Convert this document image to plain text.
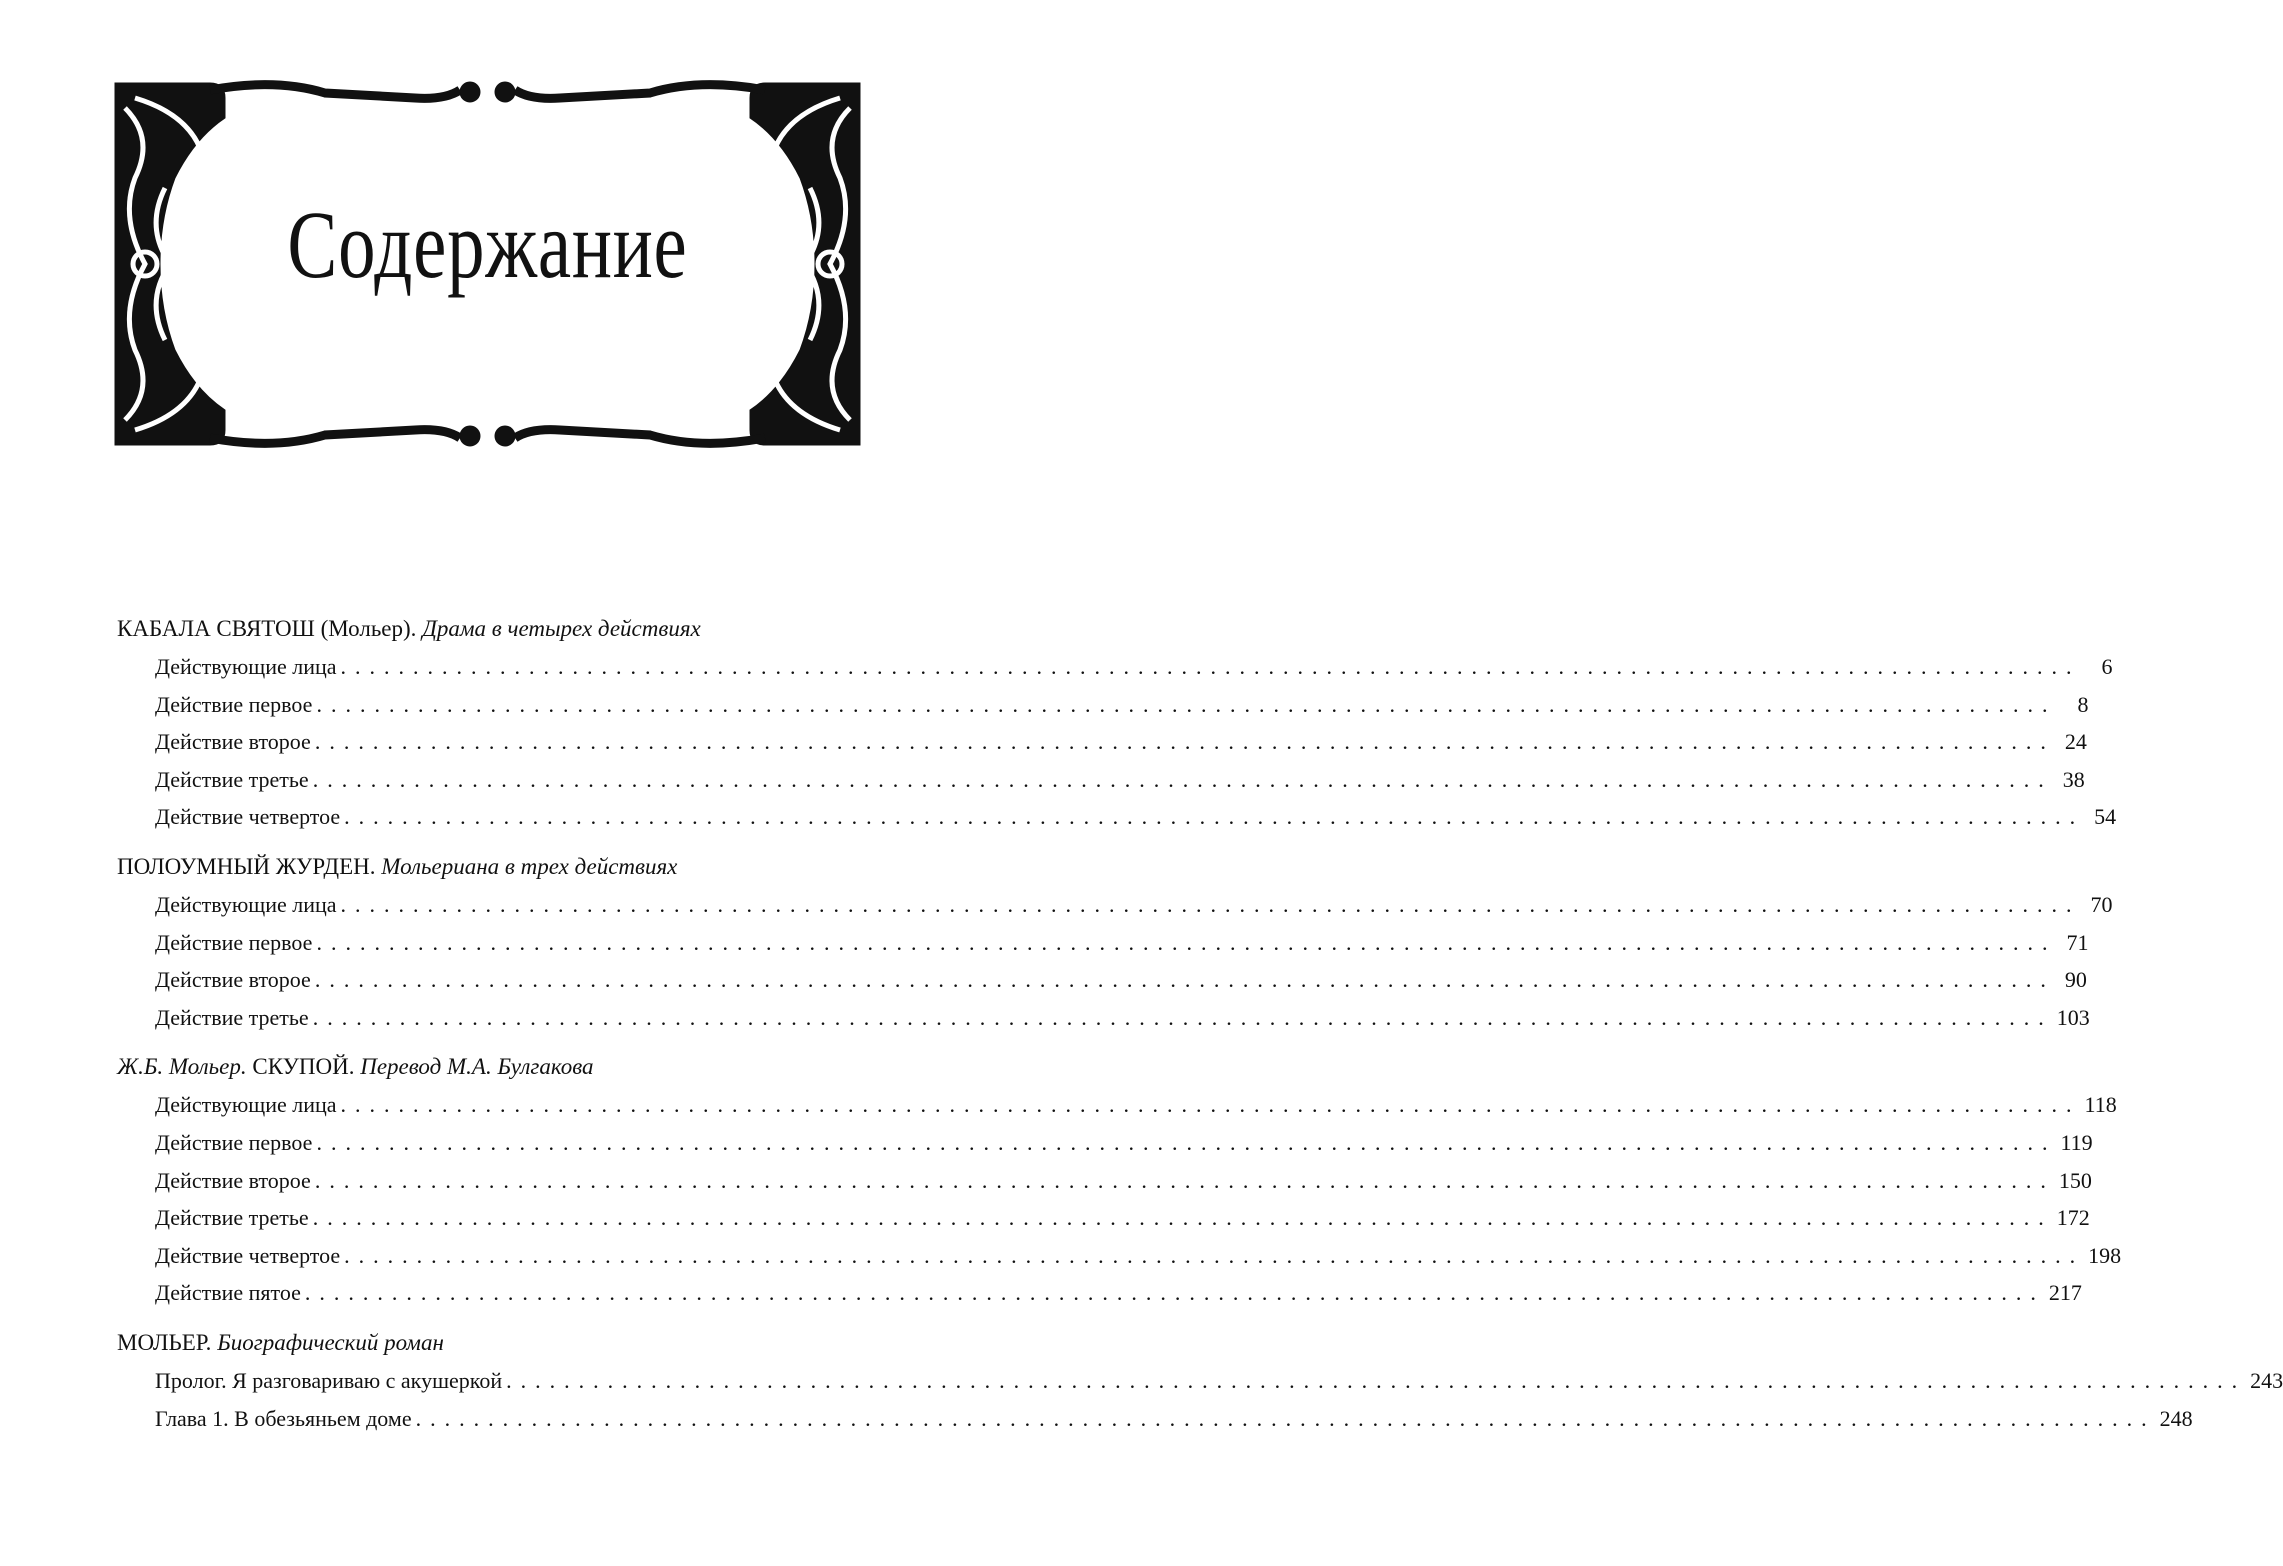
Содержание
КАБАЛА СВЯТОШ (Мольер). Драма в четырех действиях
Действующие лица ........................................................................................................................ 6
Действие первое ........................................................................................................................ 8
Действие второе ........................................................................................................................ 24
Действие третье ........................................................................................................................ 38
Действие четвертое ........................................................................................................................ 54
ПОЛОУМНЫЙ ЖУРДЕН. Мольериана в трех действиях
Действующие лица ........................................................................................................................ 70
Действие первое ........................................................................................................................ 71
Действие второе ........................................................................................................................ 90
Действие третье ........................................................................................................................ 103
Ж.Б. Мольер. СКУПОЙ. Перевод М.А. Булгакова
Действующие лица ........................................................................................................................ 118
Действие первое ........................................................................................................................ 119
Действие второе ........................................................................................................................ 150
Действие третье ........................................................................................................................ 172
Действие четвертое ........................................................................................................................ 198
Действие пятое ........................................................................................................................ 217
МОЛЬЕР. Биографический роман
Пролог. Я разговариваю с акушеркой ........................................................................................................................ 243
Глава 1. В обезьяньем доме ........................................................................................................................ 248
